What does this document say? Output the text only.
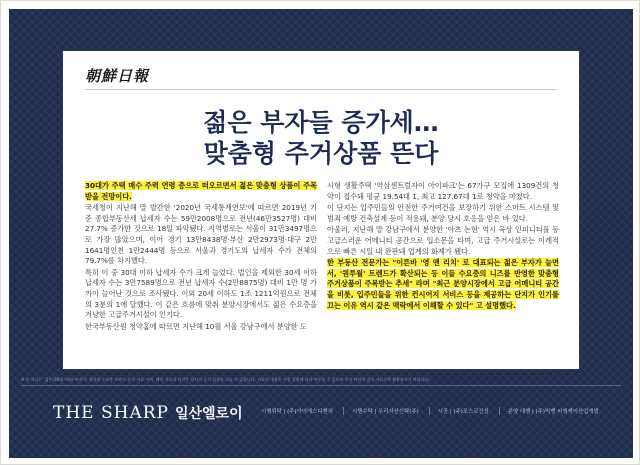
朝鮮日報
젊은 부자들 증가세…
맞춤형 주거상품 뜬다

30대가 주택 매수 주력 연령 층으로 떠오르면서 젊은 맞춤형 상품이 주목받을 전망이다.

국세청이 지난해 말 발간한 '2020년 국세통계연보'에 따르면 2019년 기준 종합부동산세 납세자 수는 59만2008명으로 전년(46만3527명) 대비 27.7% 증가한 것으로 18일 파악됐다. 지역별로는 서울이 31만3497명으로 가장 많았으며, 이어 경기 13만8438명·부산 2만2973명·대구 2만1641명인천 1만2444명 등으로 서울과 경기도의 납세자 수가 전체의 79.7%를 차지했다.

특히 이 중 30대 이하 납세자 수가 크게 늘었다. 법인을 제외한 30세 이하 납세자 수는 3만7589명으로 전년 납세자 수(2만8875명) 대비 1만 명 가까이 늘어난 것으로 조사됐다. 이외 20세 이하도 1조 1211억원으로 전체의 3분의 1에 달했다. 이 같은 흐름에 맞춰 분양시장에서도 젊은 수요층을 겨냥한 고급주거시설이 인기다.

한국부동산원 청약홈에 따르면 지난해 10월 서울 강남구에서 분양한 도

시형 생활주택 '역삼센트럴자이 아이파크'는 67가구 모집에 1309건의 청약이 접수돼 평균 19.54대 1, 최고 127.67대 1로 청약을 마쳤다.

이 단지는 입주민들의 안전한 주거여건을 보장하기 위한 스마트 시스템 및 범죄 예방 건축설계 등이 적용돼, 분양 당시 호응을 얻은 바 있다.

아울러, 지난해 말 강남구에서 분양한 '아츠 논현' 역시 옥상 인피니티풀 등 고급스러운 어메니티 공간으로 입소문을 타며, 고급 주거시설로는 이례적으로 빠른 시일 내 완판돼 업계의 화제가 됐다.

한 부동산 전문가는 "이른바 '영 앤 리치' 로 대표되는 젊은 부자가 늘면서, '퀀투월' 트렌드가 확산되는 등 이들 수요층의 니즈를 반영한 맞춤형 주거상품이 주목받는 추세" 라며 "최근 분양시장에서 고급 어메니티 공간을 비롯, 입주민들을 위한 컨시어지 서비스 등을 제공하는 단지가 인기를 끄는 이유 역시 같은 맥락에서 이해할 수 있다" 고 설명했다.

※ 본 자료는 '젊은(30대 이하) 부자'로 정의된 수요층 트렌드 분석 자료 이며, 해당 자료의 의견은 당사의 공식 입장과 다를 수 있습니다. 자료의 내용은 시장 상황에 따라 변동될 수 있으며 투자 판단의 참고 자료로만 활용하시기 바랍니다.
THE SHARP 일산엘로이	시행위탁 | (주)아이에스디벤처	시행수탁 | 우리자산신탁(주)	시공 | (주)포스코건설	분양 대행 | (주)빅뱅 씨엠케이산업개발
